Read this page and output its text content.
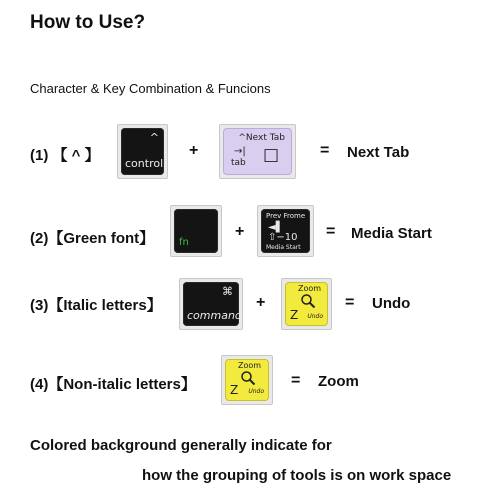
How to Use?
Character & Key Combination & Funcions
(1) 【 ^ 】
^
control
+
^Next Tab
→|
tab □	= Next Tab
(2)【Green font】 fn
+
Prev Frome
◄▌
⇧−10
Media Start
= Media Start
(3)【Italic letters】
⌘
command
+
Zoom
Z Undo
= Undo
(4)【Non-italic letters】
Zoom
Z Undo
= Zoom
Colored background generally indicate for
how the grouping of tools is on work space
